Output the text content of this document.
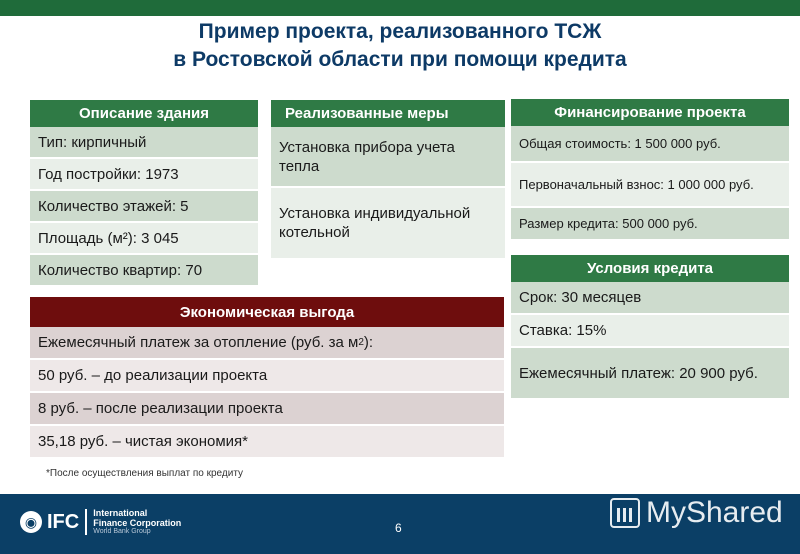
Пример проекта, реализованного ТСЖ
в Ростовской области при помощи кредита
Описание здания
Тип: кирпичный
Год постройки: 1973
Количество этажей: 5
Площадь (м²): 3 045
Количество квартир: 70
Реализованные меры
Установка прибора учета тепла
Установка индивидуальной котельной
Финансирование проекта
Общая стоимость: 1 500 000 руб.
Первоначальный взнос: 1 000 000 руб.
Размер кредита: 500 000 руб.
Условия кредита
Срок: 30 месяцев
Ставка: 15%
Ежемесячный платеж: 20 900 руб.
Экономическая выгода
Ежемесячный платеж за отопление (руб. за м 2 ):
50 руб. – до реализации проекта
8 руб. – после реализации проекта
35,18 руб. – чистая экономия*
*После осуществления выплат по кредиту
◉ IFC International
Finance Corporation
World Bank Group	6	MyShared
